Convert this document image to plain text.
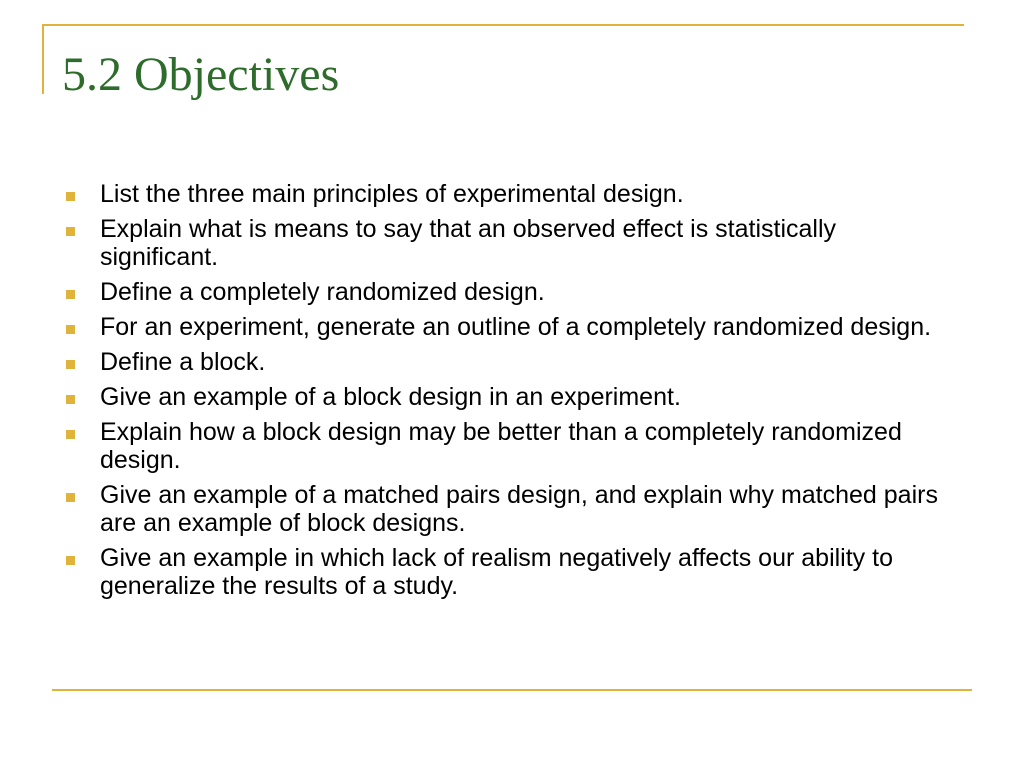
5.2 Objectives
List the three main principles of experimental design.
Explain what is means to say that an observed effect is statistically significant.
Define a completely randomized design.
For an experiment, generate an outline of a completely randomized design.
Define a block.
Give an example of a block design in an experiment.
Explain how a block design may be better than a completely randomized design.
Give an example of a matched pairs design, and explain why matched pairs are an example of block designs.
Give an example in which lack of realism negatively affects our ability to generalize the results of a study.
